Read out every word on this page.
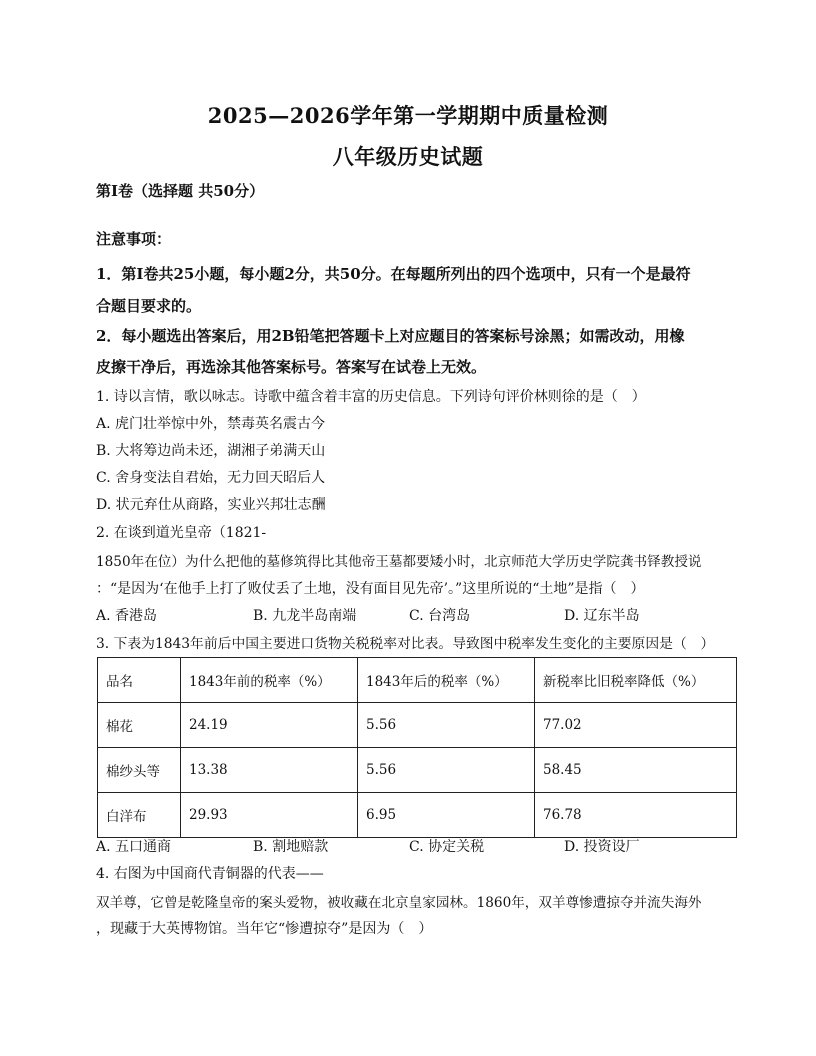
2025—2026学年第一学期期中质量检测
八年级历史试题
第Ⅰ卷（选择题 共50分）
注意事项：
1．第Ⅰ卷共25小题，每小题2分，共50分。在每题所列出的四个选项中，只有一个是最符
合题目要求的。
2．每小题选出答案后，用2B铅笔把答题卡上对应题目的答案标号涂黑；如需改动，用橡
皮擦干净后，再选涂其他答案标号。答案写在试卷上无效。
1. 诗以言情，歌以咏志。诗歌中蕴含着丰富的历史信息。下列诗句评价林则徐的是（　）
A. 虎门壮举惊中外，禁毒英名震古今
B. 大将筹边尚未还，湖湘子弟满天山
C. 舍身变法自君始，无力回天昭后人
D. 状元弃仕从商路，实业兴邦壮志酬
2. 在谈到道光皇帝（1821-
1850年在位）为什么把他的墓修筑得比其他帝王墓都要矮小时，北京师范大学历史学院龚书铎教授说
：“是因为‘在他手上打了败仗丢了土地，没有面目见先帝’。”这里所说的“土地”是指（　）
A. 香港岛	B. 九龙半岛南端	C. 台湾岛	D. 辽东半岛
3. 下表为1843年前后中国主要进口货物关税税率对比表。导致图中税率发生变化的主要原因是（　）
品名	1843年前的税率（%）	1843年后的税率（%）	新税率比旧税率降低（%）
棉花	24.19	5.56	77.02
棉纱头等	13.38	5.56	58.45
白洋布	29.93	6.95	76.78
A. 五口通商	B. 割地赔款	C. 协定关税	D. 投资设厂
4. 右图为中国商代青铜器的代表——
双羊尊，它曾是乾隆皇帝的案头爱物，被收藏在北京皇家园林。1860年，双羊尊惨遭掠夺并流失海外
，现藏于大英博物馆。当年它“惨遭掠夺”是因为（　）
